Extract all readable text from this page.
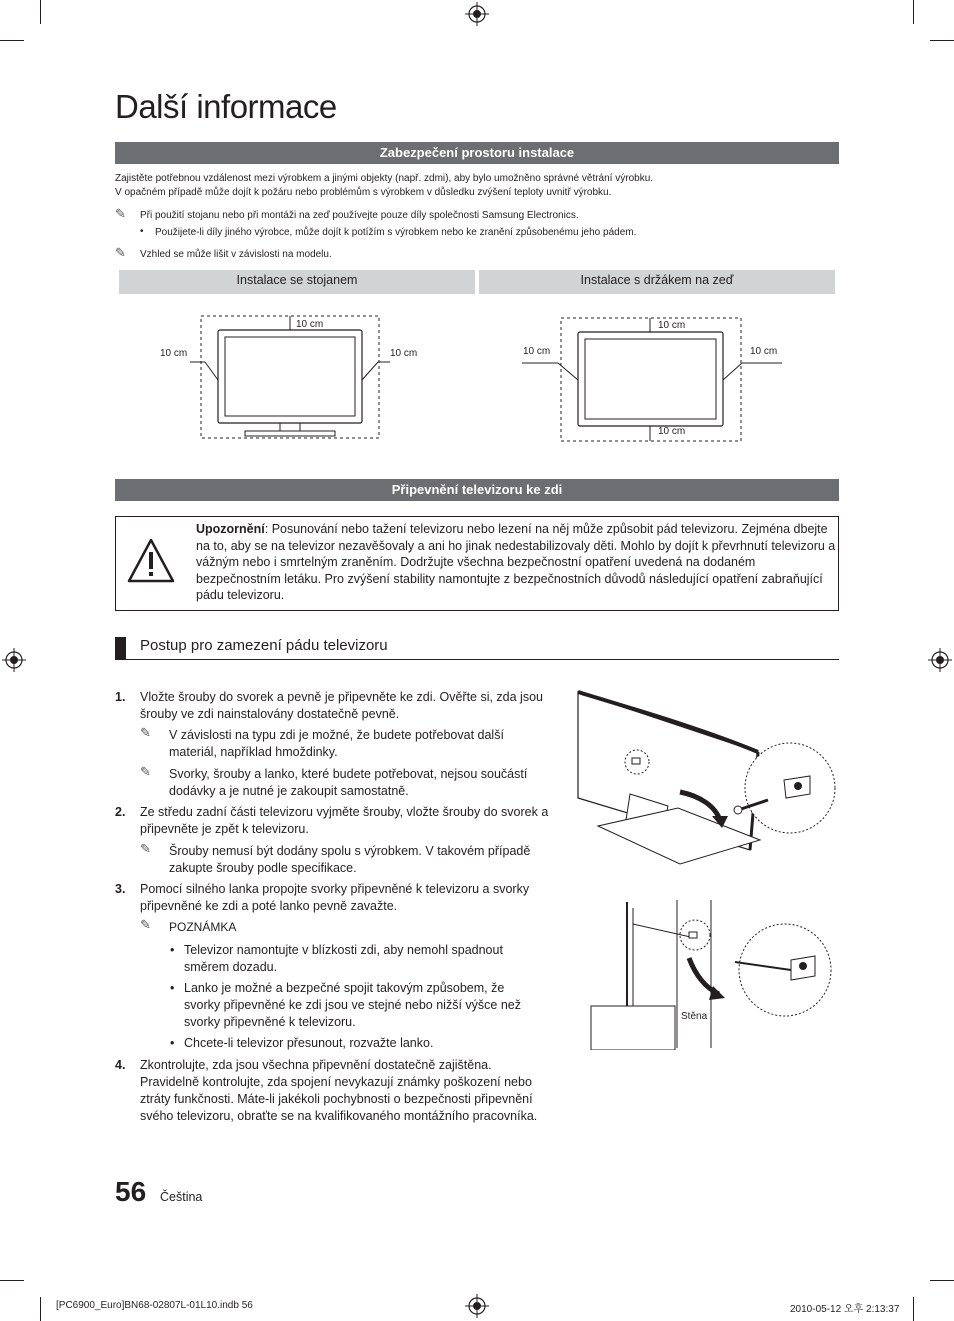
Další informace
Zabezpečení prostoru instalace
Zajistěte potřebnou vzdálenost mezi výrobkem a jinými objekty (např. zdmi), aby bylo umožněno správné větrání výrobku.
V opačném případě může dojít k požáru nebo problémům s výrobkem v důsledku zvýšení teploty uvnitř výrobku.
✎ Při použití stojanu nebo při montáži na zeď používejte pouze díly společnosti Samsung Electronics.
• Použijete-li díly jiného výrobce, může dojít k potížím s výrobkem nebo ke zranění způsobenému jeho pádem.
✎ Vzhled se může lišit v závislosti na modelu.
Instalace se stojanem	Instalace s držákem na zeď
10 cm
10 cm	10 cm
10 cm
10 cm	10 cm
10 cm
Připevnění televizoru ke zdi
Upozornění: Posunování nebo tažení televizoru nebo lezení na něj může způsobit pád televizoru. Zejména dbejte na to, aby se na televizor nezavěšovaly a ani ho jinak nedestabilizovaly děti. Mohlo by dojít k převrhnutí televizoru a vážným nebo i smrtelným zraněním. Dodržujte všechna bezpečnostní opatření uvedená na dodaném bezpečnostním letáku. Pro zvýšení stability namontujte z bezpečnostních důvodů následující opatření zabraňující pádu televizoru.
Postup pro zamezení pádu televizoru
1. Vložte šrouby do svorek a pevně je připevněte ke zdi. Ověřte si, zda jsou
šrouby ve zdi nainstalovány dostatečně pevně.
✎ V závislosti na typu zdi je možné, že budete potřebovat další
materiál, například hmoždinky.
✎ Svorky, šrouby a lanko, které budete potřebovat, nejsou součástí
dodávky a je nutné je zakoupit samostatně.
2. Ze středu zadní části televizoru vyjměte šrouby, vložte šrouby do svorek a
připevněte je zpět k televizoru.
✎ Šrouby nemusí být dodány spolu s výrobkem. V takovém případě
zakupte šrouby podle specifikace.
3. Pomocí silného lanka propojte svorky připevněné k televizoru a svorky
připevněné ke zdi a poté lanko pevně zavažte.
✎ POZNÁMKA
• Televizor namontujte v blízkosti zdi, aby nemohl spadnout
směrem dozadu.
• Lanko je možné a bezpečné spojit takovým způsobem, že
svorky připevněné ke zdi jsou ve stejné nebo nižší výšce než
svorky připevněné k televizoru.
• Chcete-li televizor přesunout, rozvažte lanko.
4. Zkontrolujte, zda jsou všechna připevnění dostatečně zajištěna.
Pravidelně kontrolujte, zda spojení nevykazují známky poškození nebo
ztráty funkčnosti. Máte-li jakékoli pochybnosti o bezpečnosti připevnění
svého televizoru, obraťte se na kvalifikovaného montážního pracovníka.
Stěna
56 Čeština
[PC6900_Euro]BN68-02807L-01L10.indb 56	2010-05-12 오후 2:13:37
